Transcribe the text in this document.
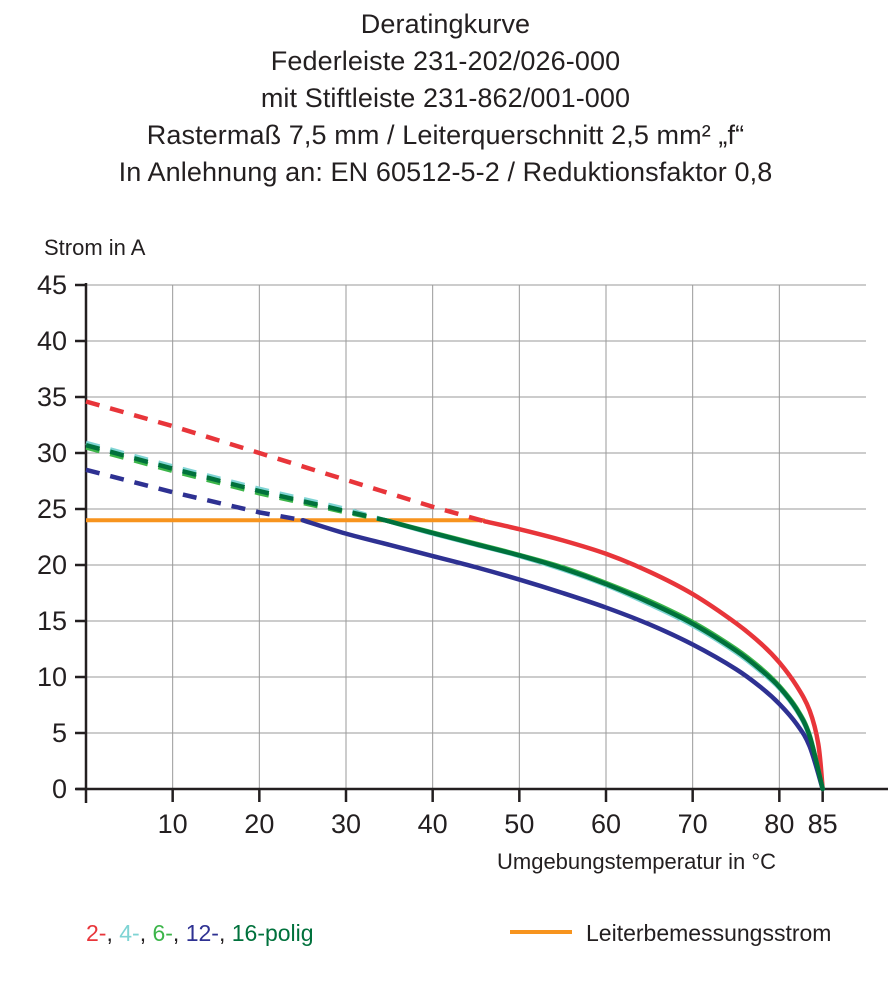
Deratingkurve
Federleiste 231-202/026-000
mit Stiftleiste 231-862/001-000
Rastermaß 7,5 mm / Leiterquerschnitt 2,5 mm² „f“
In Anlehnung an: EN 60512-5-2 / Reduktionsfaktor 0,8
Strom in A
Umgebungstemperatur in °C
0
5
10
15
20
25
30
35
40
45
10 20 30 40 50 60 70 80 85
2-, 4-, 6-, 12-, 16-polig	Leiterbemessungsstrom
